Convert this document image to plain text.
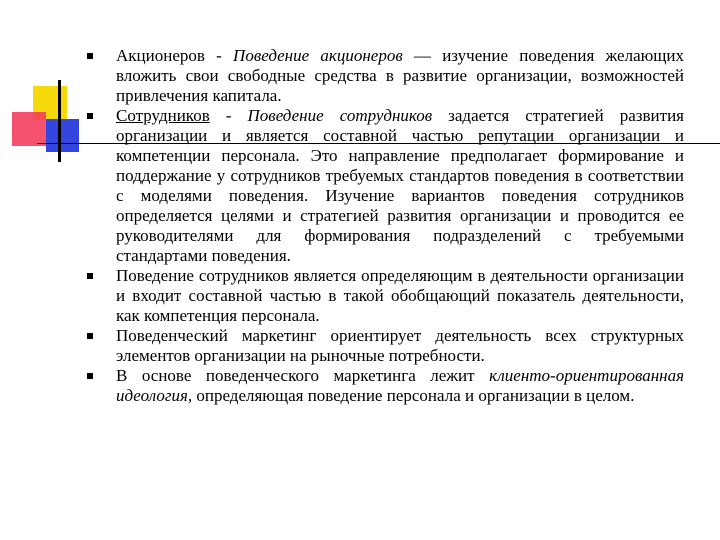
Акционеров - Поведение акционеров — изучение поведения желающих вложить свои свободные средства в развитие организации, возможностей привлечения капитала.
Сотрудников - Поведение сотрудников задается стратегией развития организации и является составной частью репутации организации и компетенции персонала. Это направление предполагает формирование и поддержание у сотрудников требуемых стандартов поведения в соответствии с моделями поведения. Изучение вариантов поведения сотрудников определяется целями и стратегией развития организации и проводится ее руководителями для формирования подразделений с требуемыми стандартами поведения.
Поведение сотрудников является определяющим в деятельности организации и входит составной частью в такой обобщающий показатель деятельности, как компетенция персонала.
Поведенческий маркетинг ориентирует деятельность всех структурных элементов организации на рыночные потребности.
В основе поведенческого маркетинга лежит клиенто-ориентированная идеология, определяющая поведение персонала и организации в целом.
